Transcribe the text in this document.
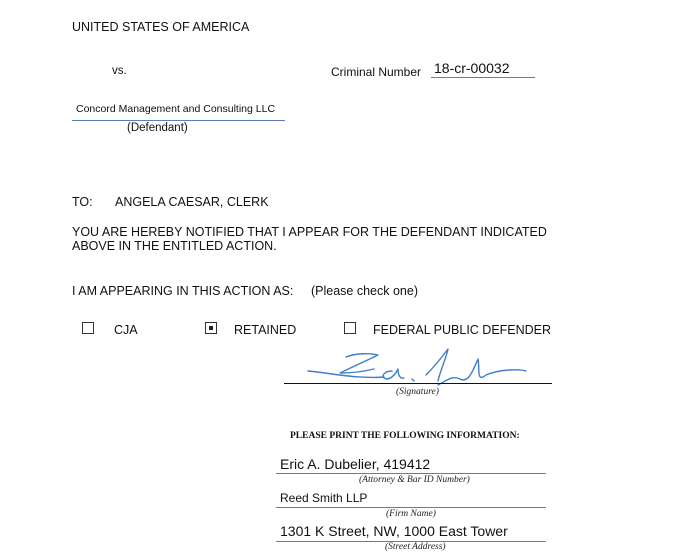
UNITED STATES OF AMERICA
vs.	Criminal Number 18-cr-00032
Concord Management and Consulting LLC
(Defendant)
TO: ANGELA CAESAR, CLERK
YOU ARE HEREBY NOTIFIED THAT I APPEAR FOR THE DEFENDANT INDICATED
ABOVE IN THE ENTITLED ACTION.
I AM APPEARING IN THIS ACTION AS: (Please check one)
CJA	RETAINED	FEDERAL PUBLIC DEFENDER
(Signature)
PLEASE PRINT THE FOLLOWING INFORMATION:
Eric A. Dubelier, 419412
(Attorney & Bar ID Number)
Reed Smith LLP
(Firm Name)
1301 K Street, NW, 1000 East Tower
(Street Address)
